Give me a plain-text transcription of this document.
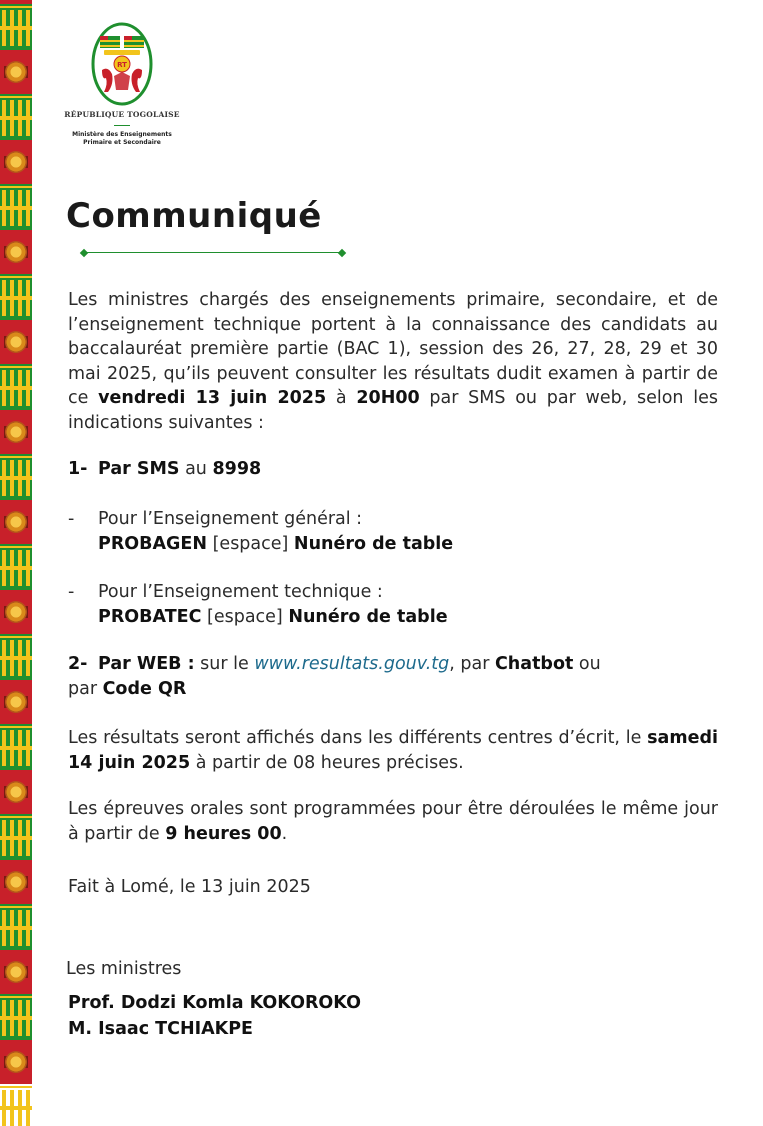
RT
RÉPUBLIQUE TOGOLAISE
Ministère des Enseignements
Primaire et Secondaire
Communiqué

Les ministres chargés des enseignements primaire, secondaire, et de l’enseignement technique portent à la connaissance des candidats au baccalauréat première partie (BAC 1), session des 26, 27, 28, 29 et 30 mai 2025, qu’ils peuvent consulter les résultats dudit examen à partir de ce vendredi 13 juin 2025 à 20H00 par SMS ou par web, selon les indications suivantes :

1- Par SMS au 8998

- Pour l’Enseignement général :
PROBAGEN [espace] Nunéro de table

- Pour l’Enseignement technique :
PROBATEC [espace] Nunéro de table

2- Par WEB : sur le www.resultats.gouv.tg, par Chatbot ou
par Code QR

Les résultats seront affichés dans les différents centres d’écrit, le samedi 14 juin 2025 à partir de 08 heures précises.

Les épreuves orales sont programmées pour être déroulées le même jour à partir de 9 heures 00.

Fait à Lomé, le 13 juin 2025

Les ministres

Prof. Dodzi Komla KOKOROKO

M. Isaac TCHIAKPE
